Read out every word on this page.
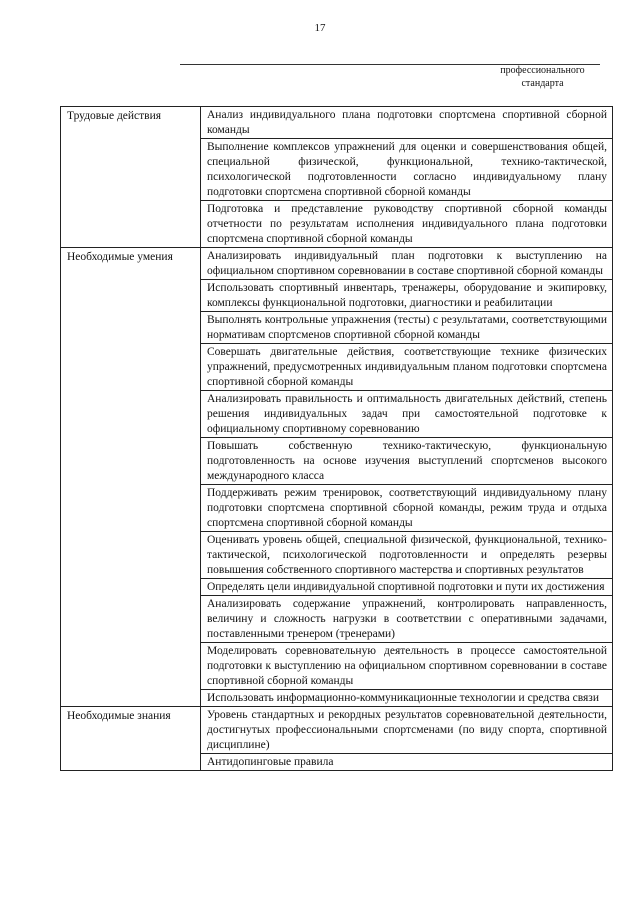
17
профессионального стандарта
Трудовые действия	Анализ индивидуального плана подготовки спортсмена спортивной сборной команды
	Выполнение комплексов упражнений для оценки и совершенствования общей, специальной физической, функциональной, технико-тактической, психологической подготовленности согласно индивидуальному плану подготовки спортсмена спортивной сборной команды
	Подготовка и представление руководству спортивной сборной команды отчетности по результатам исполнения индивидуального плана подготовки спортсмена спортивной сборной команды
Необходимые умения	Анализировать индивидуальный план подготовки к выступлению на официальном спортивном соревновании в составе спортивной сборной команды
	Использовать спортивный инвентарь, тренажеры, оборудование и экипировку, комплексы функциональной подготовки, диагностики и реабилитации
	Выполнять контрольные упражнения (тесты) с результатами, соответствующими нормативам спортсменов спортивной сборной команды
	Совершать двигательные действия, соответствующие технике физических упражнений, предусмотренных индивидуальным планом подготовки спортсмена спортивной сборной команды
	Анализировать правильность и оптимальность двигательных действий, степень решения индивидуальных задач при самостоятельной подготовке к официальному спортивному соревнованию
	Повышать собственную технико-тактическую, функциональную подготовленность на основе изучения выступлений спортсменов высокого международного класса
	Поддерживать режим тренировок, соответствующий индивидуальному плану подготовки спортсмена спортивной сборной команды, режим труда и отдыха спортсмена спортивной сборной команды
	Оценивать уровень общей, специальной физической, функциональной, технико-тактической, психологической подготовленности и определять резервы повышения собственного спортивного мастерства и спортивных результатов
	Определять цели индивидуальной спортивной подготовки и пути их достижения
	Анализировать содержание упражнений, контролировать направленность, величину и сложность нагрузки в соответствии с оперативными задачами, поставленными тренером (тренерами)
	Моделировать соревновательную деятельность в процессе самостоятельной подготовки к выступлению на официальном спортивном соревновании в составе спортивной сборной команды
	Использовать информационно-коммуникационные технологии и средства связи
Необходимые знания	Уровень стандартных и рекордных результатов соревновательной деятельности, достигнутых профессиональными спортсменами (по виду спорта, спортивной дисциплине)
	Антидопинговые правила
